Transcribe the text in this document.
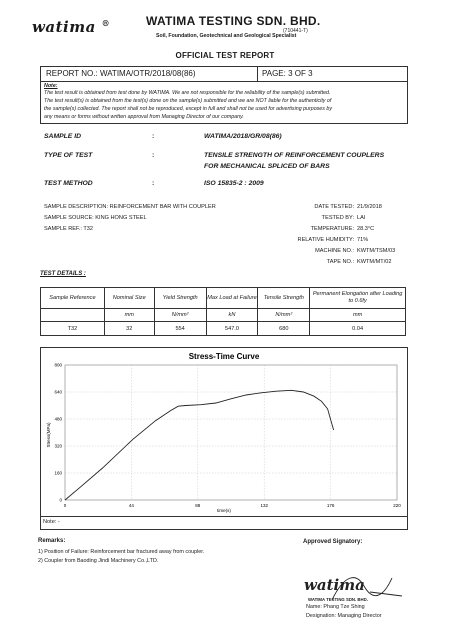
watima ®	WATIMA TESTING SDN. BHD.
(710441-T)
Soil, Foundation, Geotechnical and Geological Specialist
OFFICIAL TEST REPORT
REPORT NO.: WATIMA/OTR/2018/08(86)	PAGE: 3 OF 3
Note:
The test result is obtained from test done by WATIMA. We are not responsible for the reliability of the sample(s) submitted.
The test result(s) is obtained from the test(s) done on the sample(s) submitted and we are NOT liable for the authenticity of
the sample(s) collected. The report shall not be reproduced, except in full and shall not be used for advertising purposes by
any means or forms without written approval from Managing Director of our company.
SAMPLE ID	:	WATIMA/2018/GR/08(86)
TYPE OF TEST	:	TENSILE STRENGTH OF REINFORCEMENT COUPLERS
FOR MECHANICAL SPLICED OF BARS
TEST METHOD	:	ISO 15835-2 : 2009
SAMPLE DESCRIPTION: REINFORCEMENT BAR WITH COUPLER
SAMPLE SOURCE: KING HONG STEEL
SAMPLE REF.: T32
DATE TESTED: 21/9/2018
TESTED BY: LAI
TEMPERATURE: 28.3°C
RELATIVE HUMIDITY: 71%
MACHINE NO.: KWTM/TSM/03
TAPE NO.: KWTM/MT/02
TEST DETAILS :
Sample Reference	Nominal Size	Yield Strength	Max Load at Failure	Tensile Strength	Permanent Elongation after Loading to 0.6fy
	mm	N/mm²	kN	N/mm²	mm
T32	32	554	547.0	680	0.04
Stress-Time Curve
0
160
320
480
640
800
0	44	88	132	176	220
time(s)
Stress(MPa)
Note: -
Remarks:
1) Position of Failure: Reinforcement bar fractured away from coupler.
2) Coupler from Baoding Jindi Machinery Co.,LTD.
Approved Signatory:
watima
WATIMA TESTING SDN. BHD.
Name: Phang Tze Shing
Designation: Managing Director
